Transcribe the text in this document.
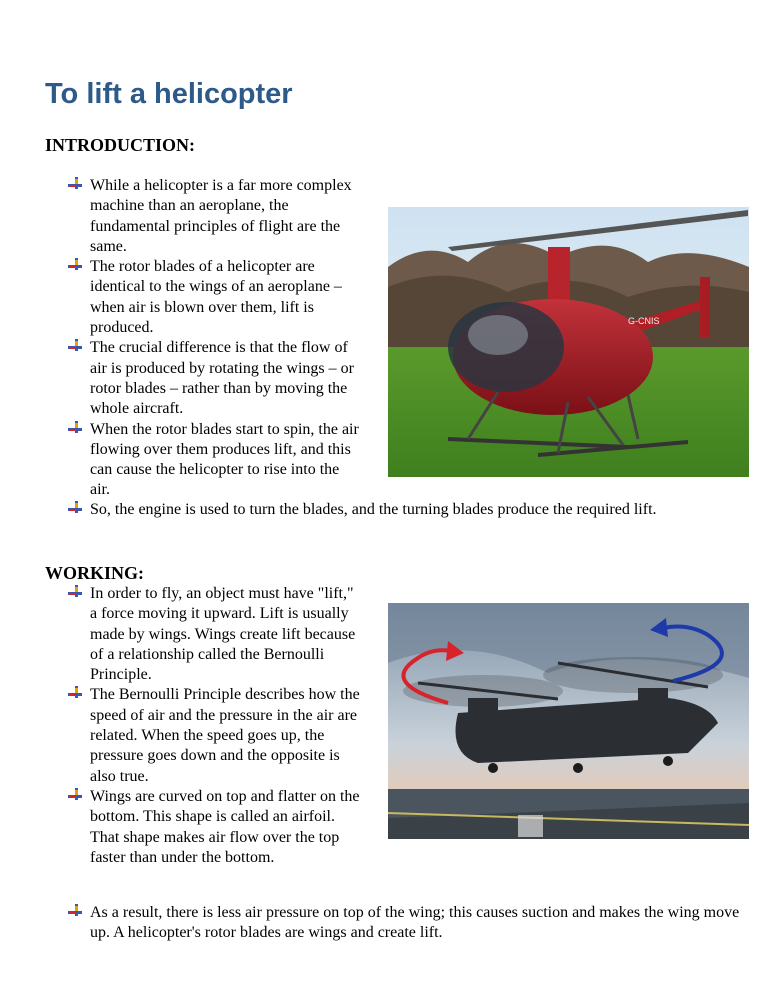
To lift a helicopter
INTRODUCTION:
While a helicopter is a far more complex machine than an aeroplane, the fundamental principles of flight are the same.
The rotor blades of a helicopter are identical to the wings of an aeroplane –when air is blown over them, lift is produced.
The crucial difference is that the flow of air is produced by rotating the wings – or rotor blades – rather than by moving the whole aircraft.
When the rotor blades start to spin, the air flowing over them produces lift, and this can cause the helicopter to rise into the air.
So, the engine is used to turn the blades, and the turning blades produce the required lift.
G-CNIS
WORKING:
In order to fly, an object must have "lift," a force moving it upward. Lift is usually made by wings. Wings create lift because of a relationship called the Bernoulli Principle.
The Bernoulli Principle describes how the speed of air and the pressure in the air are related. When the speed goes up, the pressure goes down and the opposite is also true.
Wings are curved on top and flatter on the bottom. This shape is called an airfoil. That shape makes air flow over the top faster than under the bottom.
As a result, there is less air pressure on top of the wing; this causes suction and makes the wing move up. A helicopter's rotor blades are wings and create lift.
